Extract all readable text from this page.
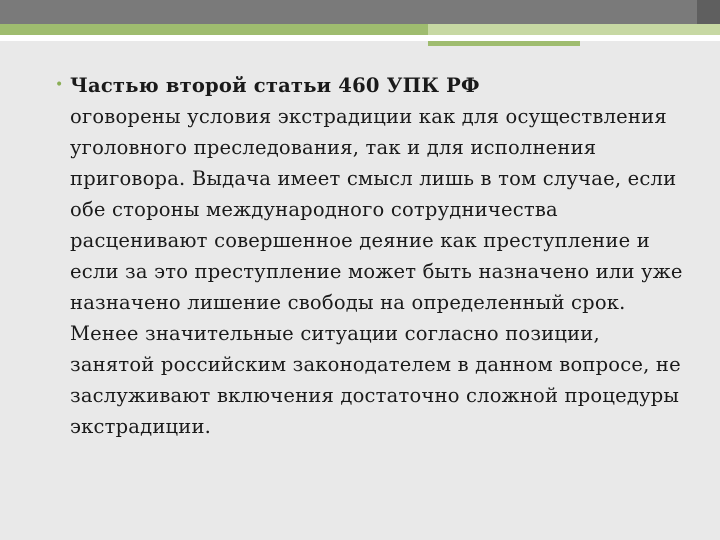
• Частью второй статьи 460 УПК РФ
оговорены условия экстрадиции как для осуществления уголовного преследования, так и для исполнения приговора. Выдача имеет смысл лишь в том случае, если обе стороны международного сотрудничества расценивают совершенное деяние как преступление и если за это преступление может быть назначено или уже назначено лишение свободы на определенный срок. Менее значительные ситуации согласно позиции, занятой российским законодателем в данном вопросе, не заслуживают включения достаточно сложной процедуры экстрадиции.
